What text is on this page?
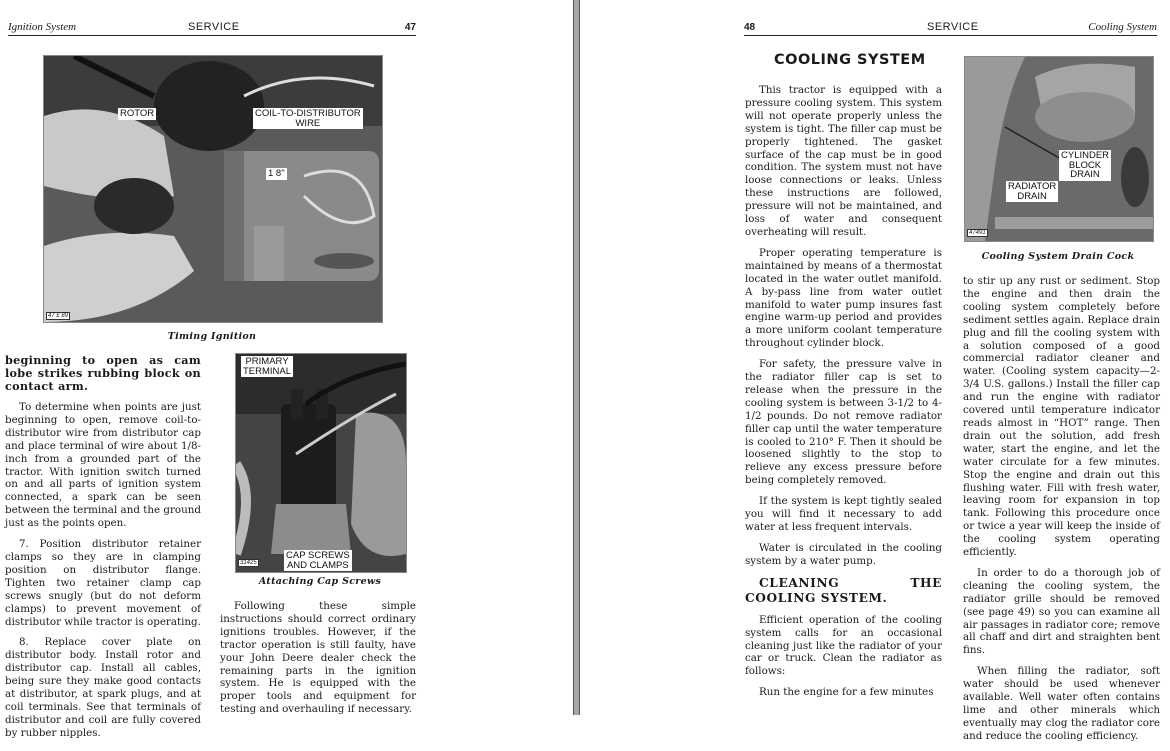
Ignition System	SERVICE	47
ROTOR	COIL-TO-DISTRIBUTOR
WIRE
1 8"
47 £ 89
Timing Ignition

beginning to open as cam lobe strikes rubbing block on contact arm.

To determine when points are just beginning to open, remove coil-to-distributor wire from distributor cap and place terminal of wire about 1/8-inch from a grounded part of the tractor. With ignition switch turned on and all parts of ignition system connected, a spark can be seen between the terminal and the ground just as the points open.

7. Position distributor retainer clamps so they are in clamping position on distributor flange. Tighten two retainer clamp cap screws snugly (but do not deform clamps) to prevent movement of distributor while tractor is operating.

8. Replace cover plate on distributor body. Install rotor and distributor cap. Install all cables, being sure they make good contacts at distributor, at spark plugs, and at coil terminals. See that terminals of distributor and coil are fully covered by rubber nipples.

PRIMARY
TERMINAL
CAP SCREWS
AND CLAMPS
31425
Attaching Cap Screws

Following these simple instructions should correct ordinary ignitions troubles. However, if the tractor operation is still faulty, have your John Deere dealer check the remaining parts in the ignition system. He is equipped with the proper tools and equipment for testing and overhauling if necessary.

48	SERVICE	Cooling System
COOLING SYSTEM

This tractor is equipped with a pressure cooling system. This system will not operate properly unless the system is tight. The filler cap must be properly tightened. The gasket surface of the cap must be in good condition. The system must not have loose connections or leaks. Unless these instructions are followed, pressure will not be maintained, and loss of water and consequent overheating will result.

Proper operating temperature is maintained by means of a thermostat located in the water outlet manifold. A by-pass line from water outlet manifold to water pump insures fast engine warm-up period and provides a more uniform coolant temperature throughout cylinder block.

For safety, the pressure valve in the radiator filler cap is set to release when the pressure in the cooling system is between 3-1/2 to 4-1/2 pounds. Do not remove radiator filler cap until the water temperature is cooled to 210° F. Then it should be loosened slightly to the stop to relieve any excess pressure before being completely removed.

If the system is kept tightly sealed you will find it necessary to add water at less frequent intervals.

Water is circulated in the cooling system by a water pump.

CLEANING THE COOLING SYSTEM.

Efficient operation of the cooling system calls for an occasional cleaning just like the radiator of your car or truck. Clean the radiator as follows:

Run the engine for a few minutes

CYLINDER
BLOCK
DRAIN
RADIATOR
DRAIN
47491
Cooling System Drain Cock

to stir up any rust or sediment. Stop the engine and then drain the cooling system completely before sediment settles again. Replace drain plug and fill the cooling system with a solution composed of a good commercial radiator cleaner and water. (Cooling system capacity—2-3/4 U.S. gallons.) Install the filler cap and run the engine with radiator covered until temperature indicator reads almost in “HOT” range. Then drain out the solution, add fresh water, start the engine, and let the water circulate for a few minutes. Stop the engine and drain out this flushing water. Fill with fresh water, leaving room for expansion in top tank. Following this procedure once or twice a year will keep the inside of the cooling system operating efficiently.

In order to do a thorough job of cleaning the cooling system, the radiator grille should be removed (see page 49) so you can examine all air passages in radiator core; remove all chaff and dirt and straighten bent fins.

When filling the radiator, soft water should be used whenever available. Well water often contains lime and other minerals which eventually may clog the radiator core and reduce the cooling efficiency.
